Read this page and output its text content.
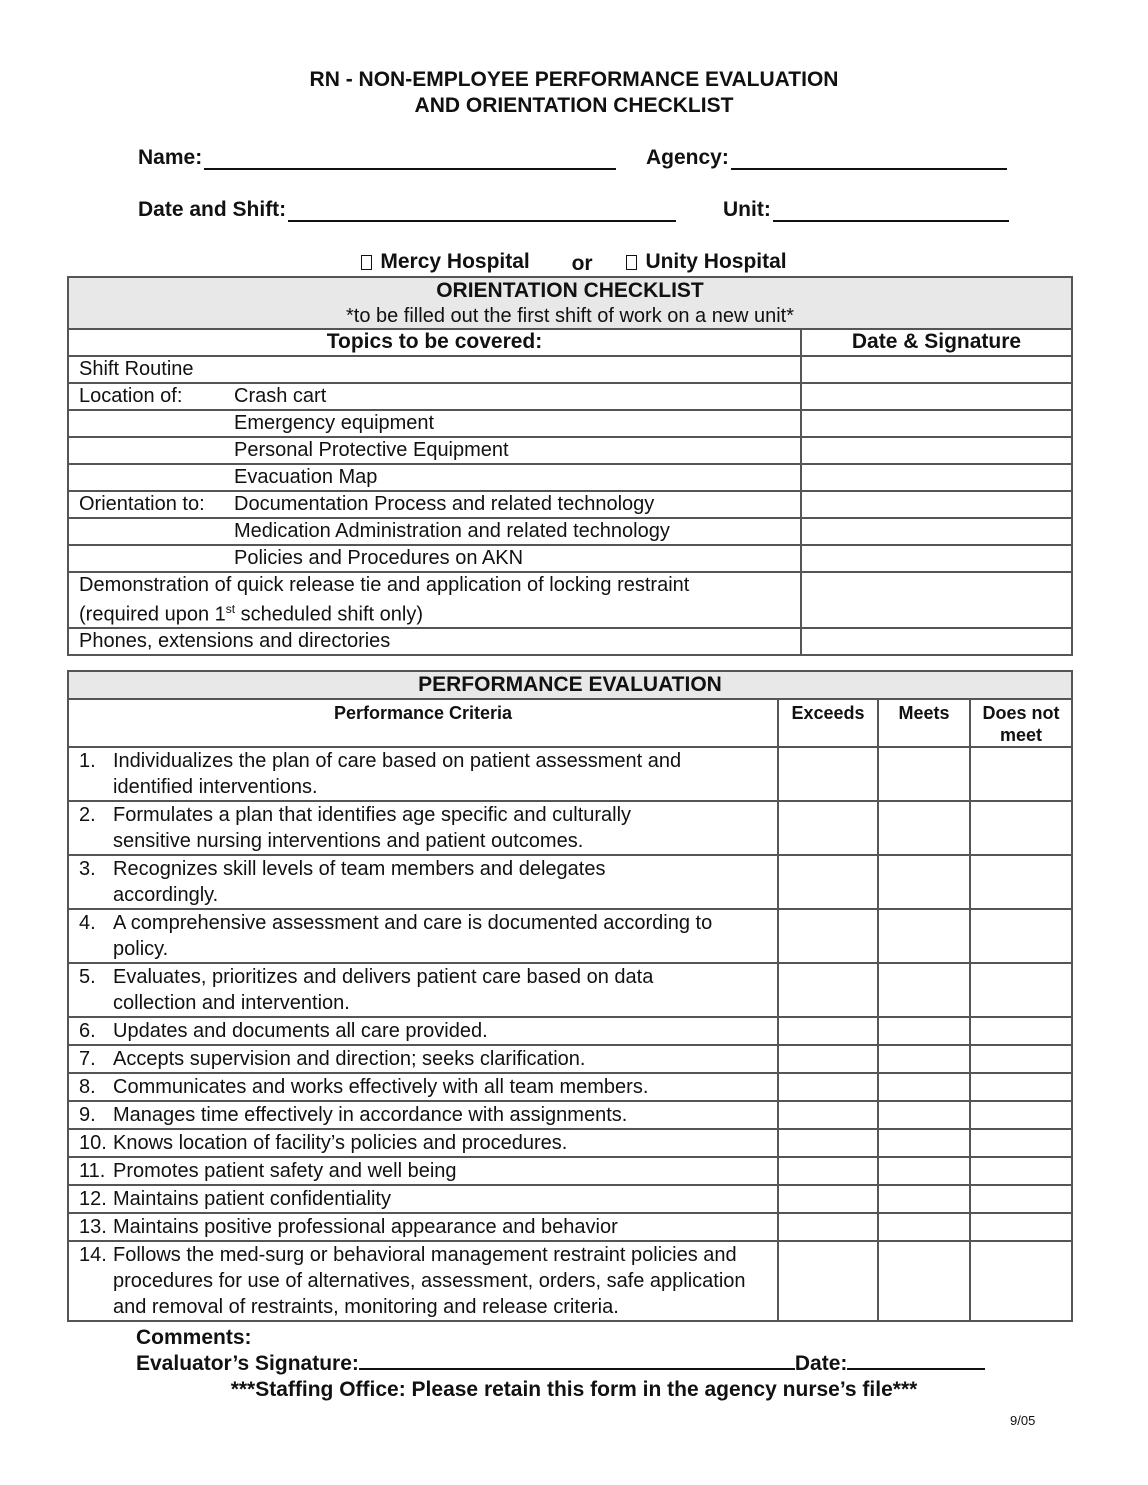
RN - NON-EMPLOYEE PERFORMANCE EVALUATION
AND ORIENTATION CHECKLIST
Name:	Agency:
Date and Shift:	Unit:
Mercy Hospital or	Unity Hospital
ORIENTATION CHECKLIST
*to be filled out the first shift of work on a new unit*	

Topics to be covered:	Date & Signature
Shift Routine	
Location of: Crash cart	
Emergency equipment	
Personal Protective Equipment	
Evacuation Map	
Orientation to: Documentation Process and related technology	
Medication Administration and related technology	
Policies and Procedures on AKN	

Demonstration of quick release tie and application of locking restraint
(required upon 1st scheduled shift only)	

Phones, extensions and directories	
PERFORMANCE EVALUATION			
Performance Criteria	Exceeds	Meets	Does not
meet

1. Individualizes the plan of care based on patient assessment and identified interventions.			

2. Formulates a plan that identifies age specific and culturally sensitive nursing interventions and patient outcomes.			

3. Recognizes skill levels of team members and delegates accordingly.			

4. A comprehensive assessment and care is documented according to policy.			

5. Evaluates, prioritizes and delivers patient care based on data collection and intervention.			

6. Updates and documents all care provided.			

7. Accepts supervision and direction; seeks clarification.			

8. Communicates and works effectively with all team members.			

9. Manages time effectively in accordance with assignments.			

10. Knows location of facility’s policies and procedures.			

11. Promotes patient safety and well being			

12. Maintains patient confidentiality			

13. Maintains positive professional appearance and behavior			

14. Follows the med-surg or behavioral management restraint policies and procedures for use of alternatives, assessment, orders, safe application and removal of restraints, monitoring and release criteria.			

Comments:
Evaluator’s Signature:	Date:
***Staffing Office: Please retain this form in the agency nurse’s file***
9/05
